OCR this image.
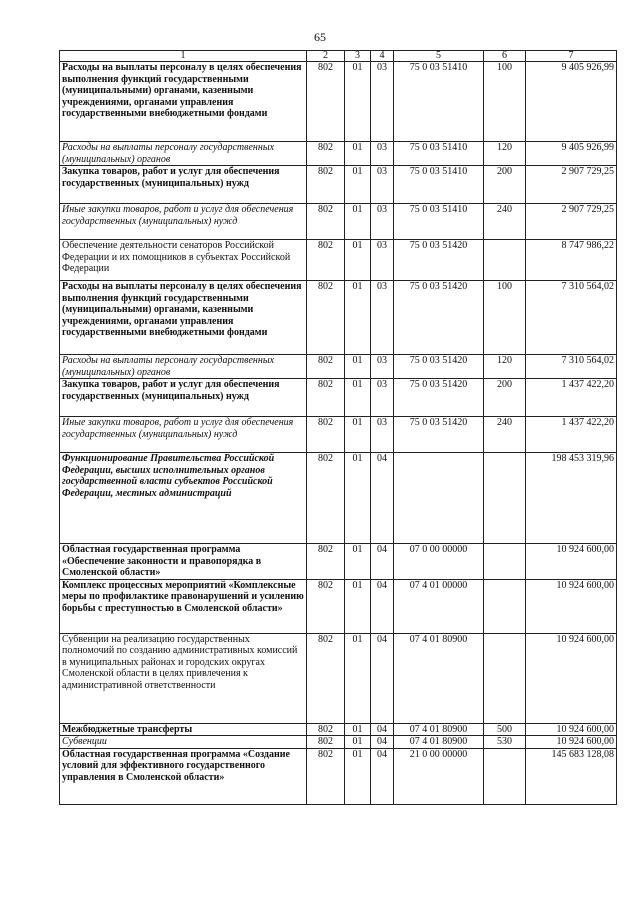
65
1	2	3	4	5	6	7
Расходы на выплаты персоналу в целях обеспечения выполнения функций государственными (муниципальными) органами, казенными учреждениями, органами управления государственными внебюджетными фондами	802	01	03	75 0 03 51410	100	9 405 926,99
Расходы на выплаты персоналу государственных (муниципальных) органов	802	01	03	75 0 03 51410	120	9 405 926,99
Закупка товаров, работ и услуг для обеспечения государственных (муниципальных) нужд	802	01	03	75 0 03 51410	200	2 907 729,25
Иные закупки товаров, работ и услуг для обеспечения государственных (муниципальных) нужд	802	01	03	75 0 03 51410	240	2 907 729,25
Обеспечение деятельности сенаторов Российской Федерации и их помощников в субъектах Российской Федерации	802	01	03	75 0 03 51420		8 747 986,22
Расходы на выплаты персоналу в целях обеспечения выполнения функций государственными (муниципальными) органами, казенными учреждениями, органами управления государственными внебюджетными фондами	802	01	03	75 0 03 51420	100	7 310 564,02
Расходы на выплаты персоналу государственных (муниципальных) органов	802	01	03	75 0 03 51420	120	7 310 564,02
Закупка товаров, работ и услуг для обеспечения государственных (муниципальных) нужд	802	01	03	75 0 03 51420	200	1 437 422,20
Иные закупки товаров, работ и услуг для обеспечения государственных (муниципальных) нужд	802	01	03	75 0 03 51420	240	1 437 422,20
Функционирование Правительства Российской Федерации, высших исполнительных органов государственной власти субъектов Российской Федерации, местных администраций	802	01	04			198 453 319,96
Областная государственная программа «Обеспечение законности и правопорядка в Смоленской области»	802	01	04	07 0 00 00000		10 924 600,00
Комплекс процессных мероприятий «Комплексные меры по профилактике правонарушений и усилению борьбы с преступностью в Смоленской области»	802	01	04	07 4 01 00000		10 924 600,00
Субвенции на реализацию государственных полномочий по созданию административных комиссий в муниципальных районах и городских округах Смоленской области в целях привлечения к административной ответственности	802	01	04	07 4 01 80900		10 924 600,00
Межбюджетные трансферты	802	01	04	07 4 01 80900	500	10 924 600,00
Субвенции	802	01	04	07 4 01 80900	530	10 924 600,00
Областная государственная программа «Создание условий для эффективного государственного управления в Смоленской области»	802	01	04	21 0 00 00000		145 683 128,08
